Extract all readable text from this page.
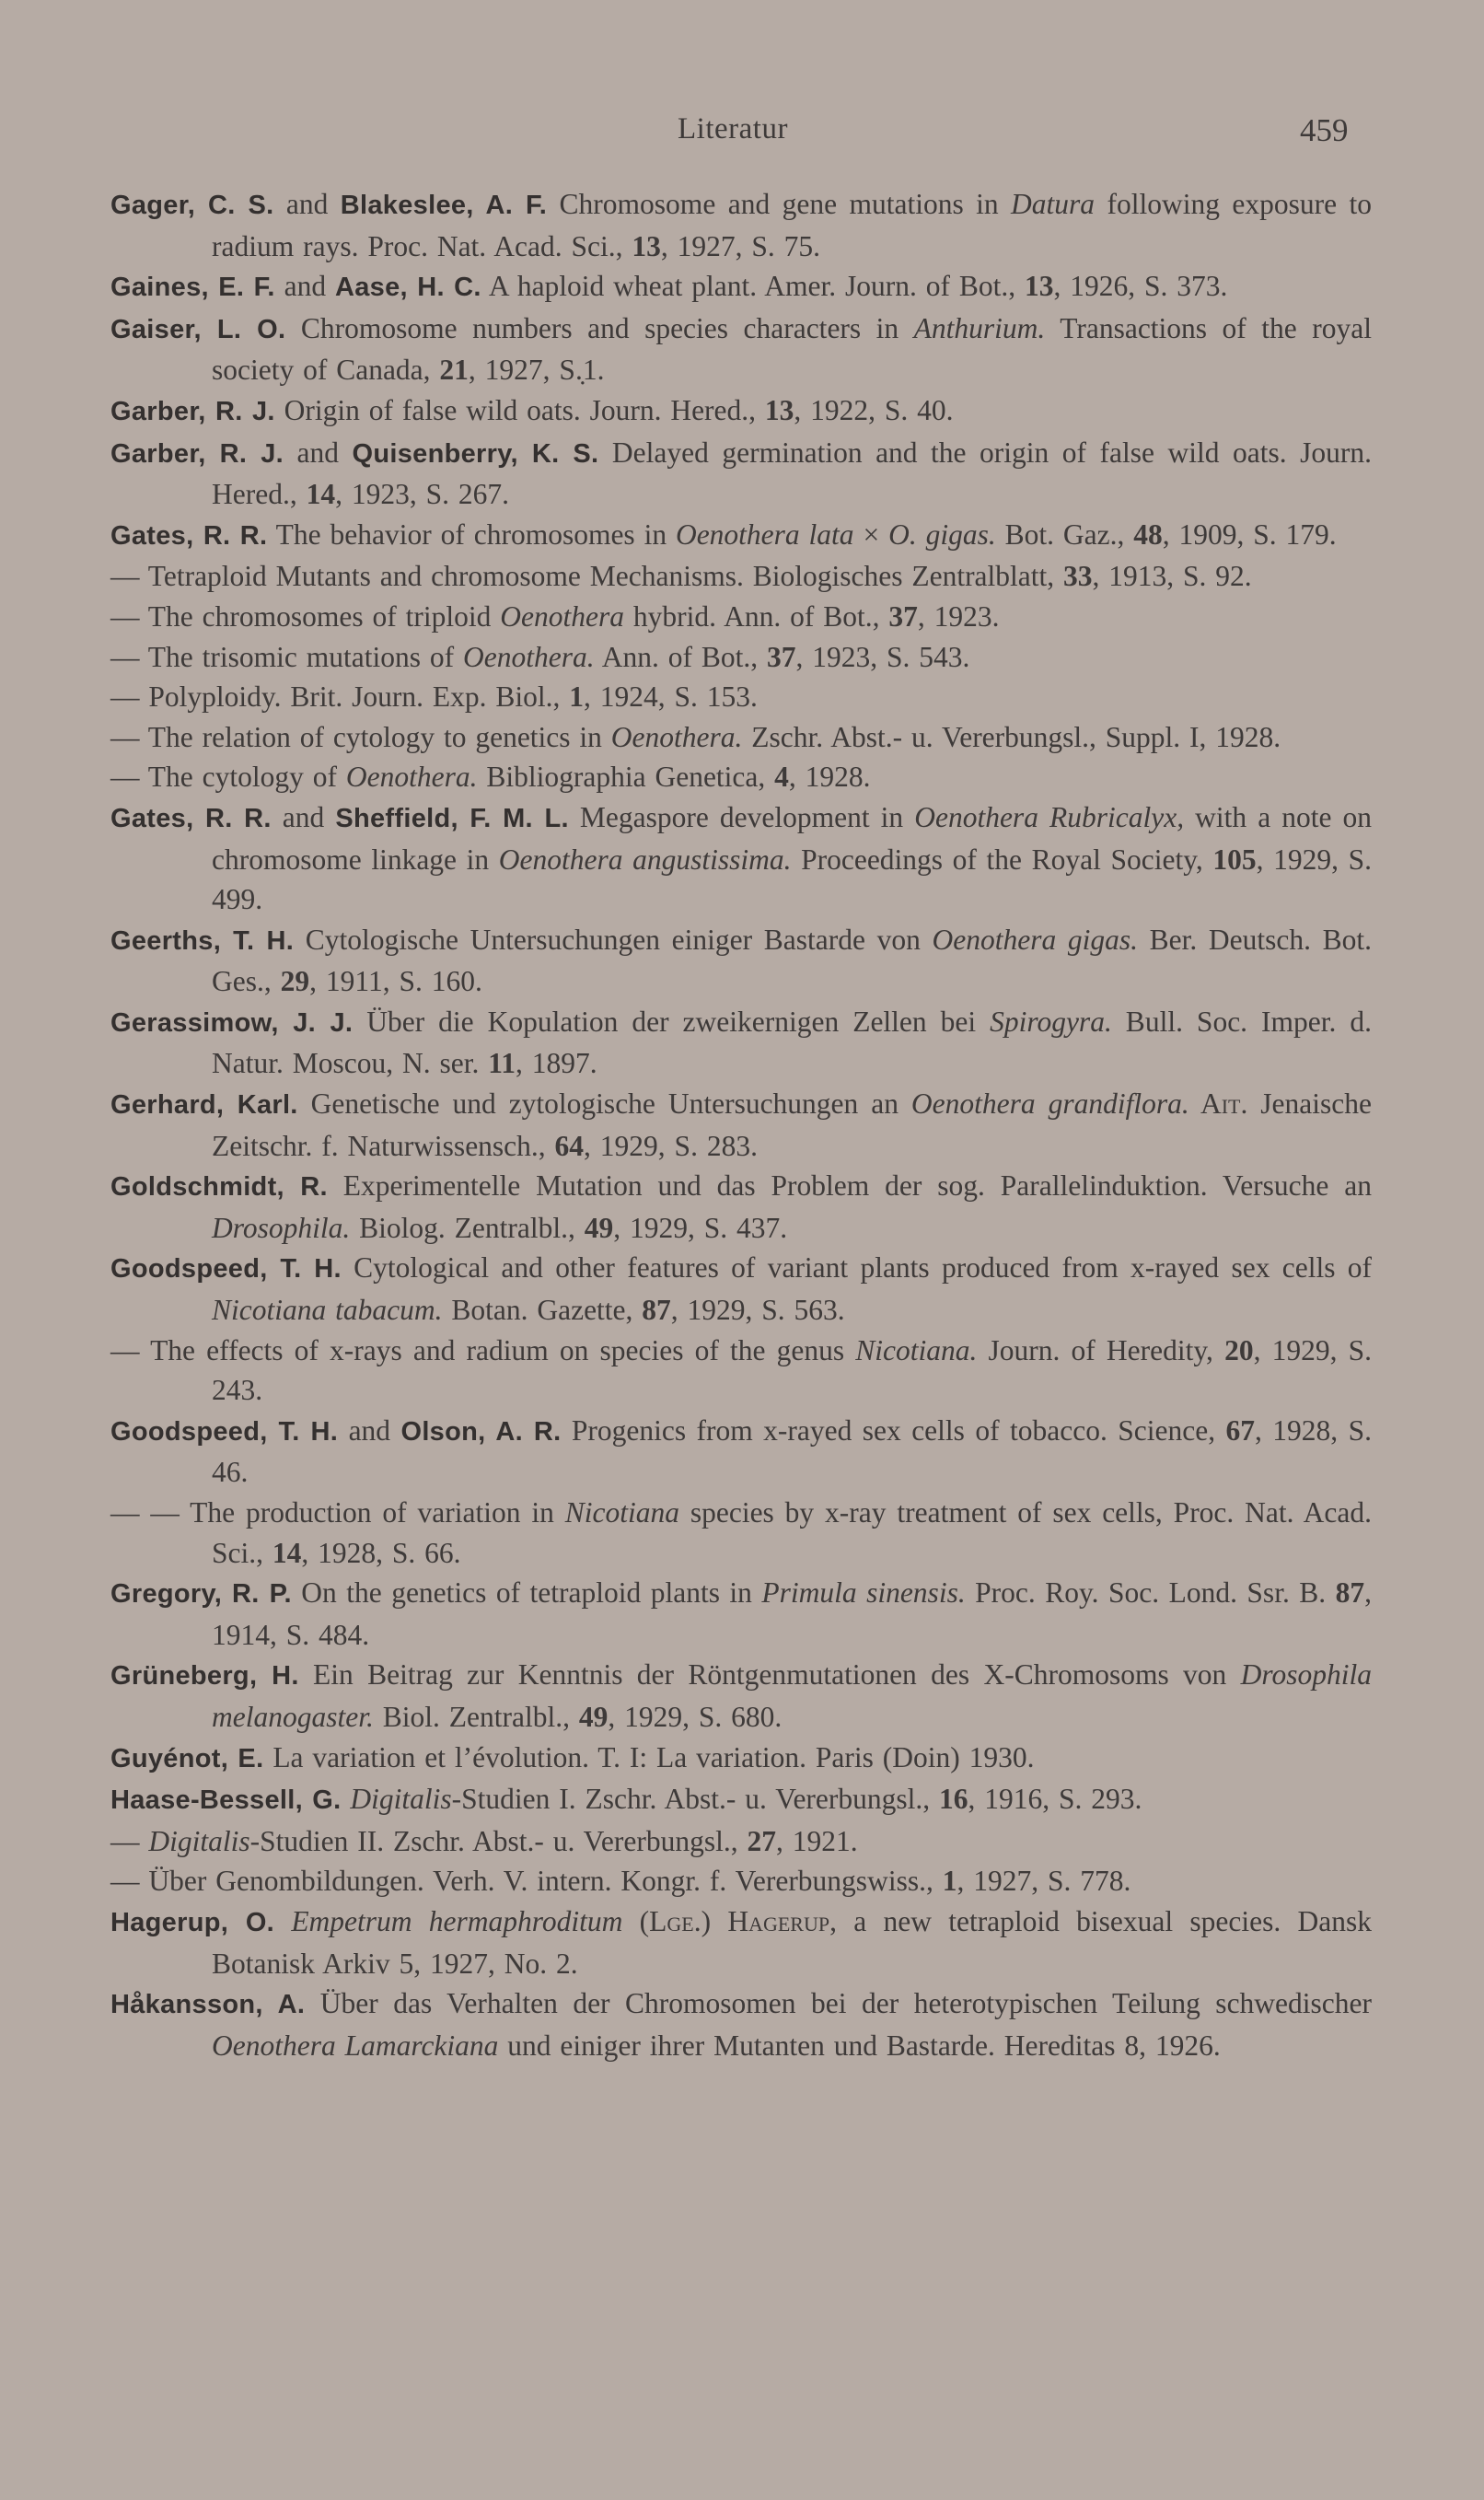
Literatur	459
Gager, C. S. and Blakeslee, A. F. Chromosome and gene mutations in Datura following exposure to radium rays. Proc. Nat. Acad. Sci., 13, 1927, S. 75.
Gaines, E. F. and Aase, H. C. A haploid wheat plant. Amer. Journ. of Bot., 13, 1926, S. 373.
Gaiser, L. O. Chromosome numbers and species characters in Anthurium. Transactions of the royal society of Canada, 21, 1927, S.̣1.
Garber, R. J. Origin of false wild oats. Journ. Hered., 13, 1922, S. 40.
Garber, R. J. and Quisenberry, K. S. Delayed germination and the origin of false wild oats. Journ. Hered., 14, 1923, S. 267.
Gates, R. R. The behavior of chromosomes in Oenothera lata × O. gigas. Bot. Gaz., 48, 1909, S. 179.
— Tetraploid Mutants and chromosome Mechanisms. Biologisches Zentralblatt, 33, 1913, S. 92.
— The chromosomes of triploid Oenothera hybrid. Ann. of Bot., 37, 1923.
— The trisomic mutations of Oenothera. Ann. of Bot., 37, 1923, S. 543.
— Polyploidy. Brit. Journ. Exp. Biol., 1, 1924, S. 153.
— The relation of cytology to genetics in Oenothera. Zschr. Abst.- u. Vererbungsl., Suppl. I, 1928.
— The cytology of Oenothera. Bibliographia Genetica, 4, 1928.
Gates, R. R. and Sheffield, F. M. L. Megaspore development in Oenothera Rubricalyx, with a note on chromosome linkage in Oenothera angustissima. Proceedings of the Royal Society, 105, 1929, S. 499.
Geerths, T. H. Cytologische Untersuchungen einiger Bastarde von Oenothera gigas. Ber. Deutsch. Bot. Ges., 29, 1911, S. 160.
Gerassimow, J. J. Über die Kopulation der zweikernigen Zellen bei Spirogyra. Bull. Soc. Imper. d. Natur. Moscou, N. ser. 11, 1897.
Gerhard, Karl. Genetische und zytologische Untersuchungen an Oenothera grandiflora. Ait. Jenaische Zeitschr. f. Naturwissensch., 64, 1929, S. 283.
Goldschmidt, R. Experimentelle Mutation und das Problem der sog. Parallelinduktion. Versuche an Drosophila. Biolog. Zentralbl., 49, 1929, S. 437.
Goodspeed, T. H. Cytological and other features of variant plants produced from x-rayed sex cells of Nicotiana tabacum. Botan. Gazette, 87, 1929, S. 563.
— The effects of x-rays and radium on species of the genus Nicotiana. Journ. of Heredity, 20, 1929, S. 243.
Goodspeed, T. H. and Olson, A. R. Progenics from x-rayed sex cells of tobacco. Science, 67, 1928, S. 46.
— — The production of variation in Nicotiana species by x-ray treatment of sex cells, Proc. Nat. Acad. Sci., 14, 1928, S. 66.
Gregory, R. P. On the genetics of tetraploid plants in Primula sinensis. Proc. Roy. Soc. Lond. Ssr. B. 87, 1914, S. 484.
Grüneberg, H. Ein Beitrag zur Kenntnis der Röntgenmutationen des X-Chromosoms von Drosophila melanogaster. Biol. Zentralbl., 49, 1929, S. 680.
Guyénot, E. La variation et l’évolution. T. I: La variation. Paris (Doin) 1930.
Haase-Bessell, G. Digitalis-Studien I. Zschr. Abst.- u. Vererbungsl., 16, 1916, S. 293.
— Digitalis-Studien II. Zschr. Abst.- u. Vererbungsl., 27, 1921.
— Über Genombildungen. Verh. V. intern. Kongr. f. Vererbungswiss., 1, 1927, S. 778.
Hagerup, O. Empetrum hermaphroditum (Lge.) Hagerup, a new tetraploid bisexual species. Dansk Botanisk Arkiv 5, 1927, No. 2.
Håkansson, A. Über das Verhalten der Chromosomen bei der heterotypischen Teilung schwedischer Oenothera Lamarckiana und einiger ihrer Mutanten und Bastarde. Hereditas 8, 1926.
